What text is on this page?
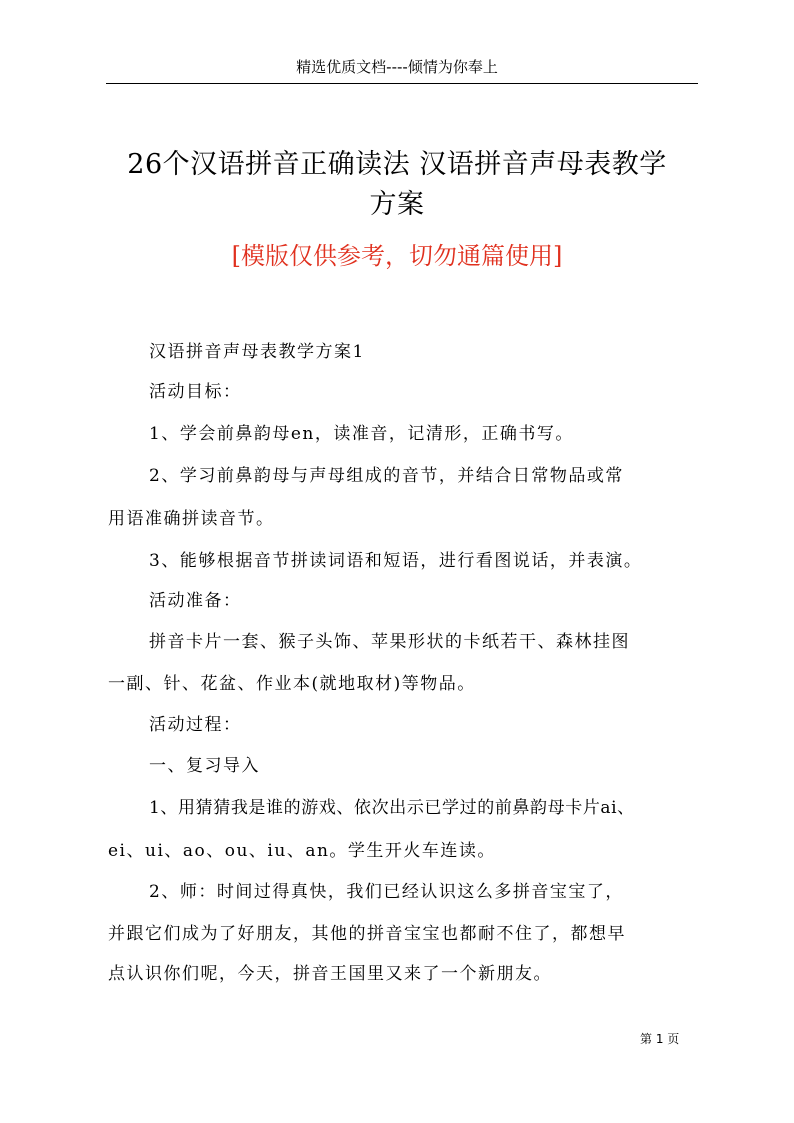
精选优质文档----倾情为你奉上
26个汉语拼音正确读法 汉语拼音声母表教学
方案
[模版仅供参考，切勿通篇使用]
汉语拼音声母表教学方案1
活动目标：
1、学会前鼻韵母en，读准音，记清形，正确书写。
2、学习前鼻韵母与声母组成的音节，并结合日常物品或常
用语准确拼读音节。
3、能够根据音节拼读词语和短语，进行看图说话，并表演。
活动准备：
拼音卡片一套、猴子头饰、苹果形状的卡纸若干、森林挂图
一副、针、花盆、作业本(就地取材)等物品。
活动过程：
一、复习导入
1、用猜猜我是谁的游戏、依次出示已学过的前鼻韵母卡片ai、
ei、ui、ao、ou、iu、an。学生开火车连读。
2、师：时间过得真快，我们已经认识这么多拼音宝宝了，
并跟它们成为了好朋友，其他的拼音宝宝也都耐不住了，都想早
点认识你们呢，今天，拼音王国里又来了一个新朋友。
第 1 页
